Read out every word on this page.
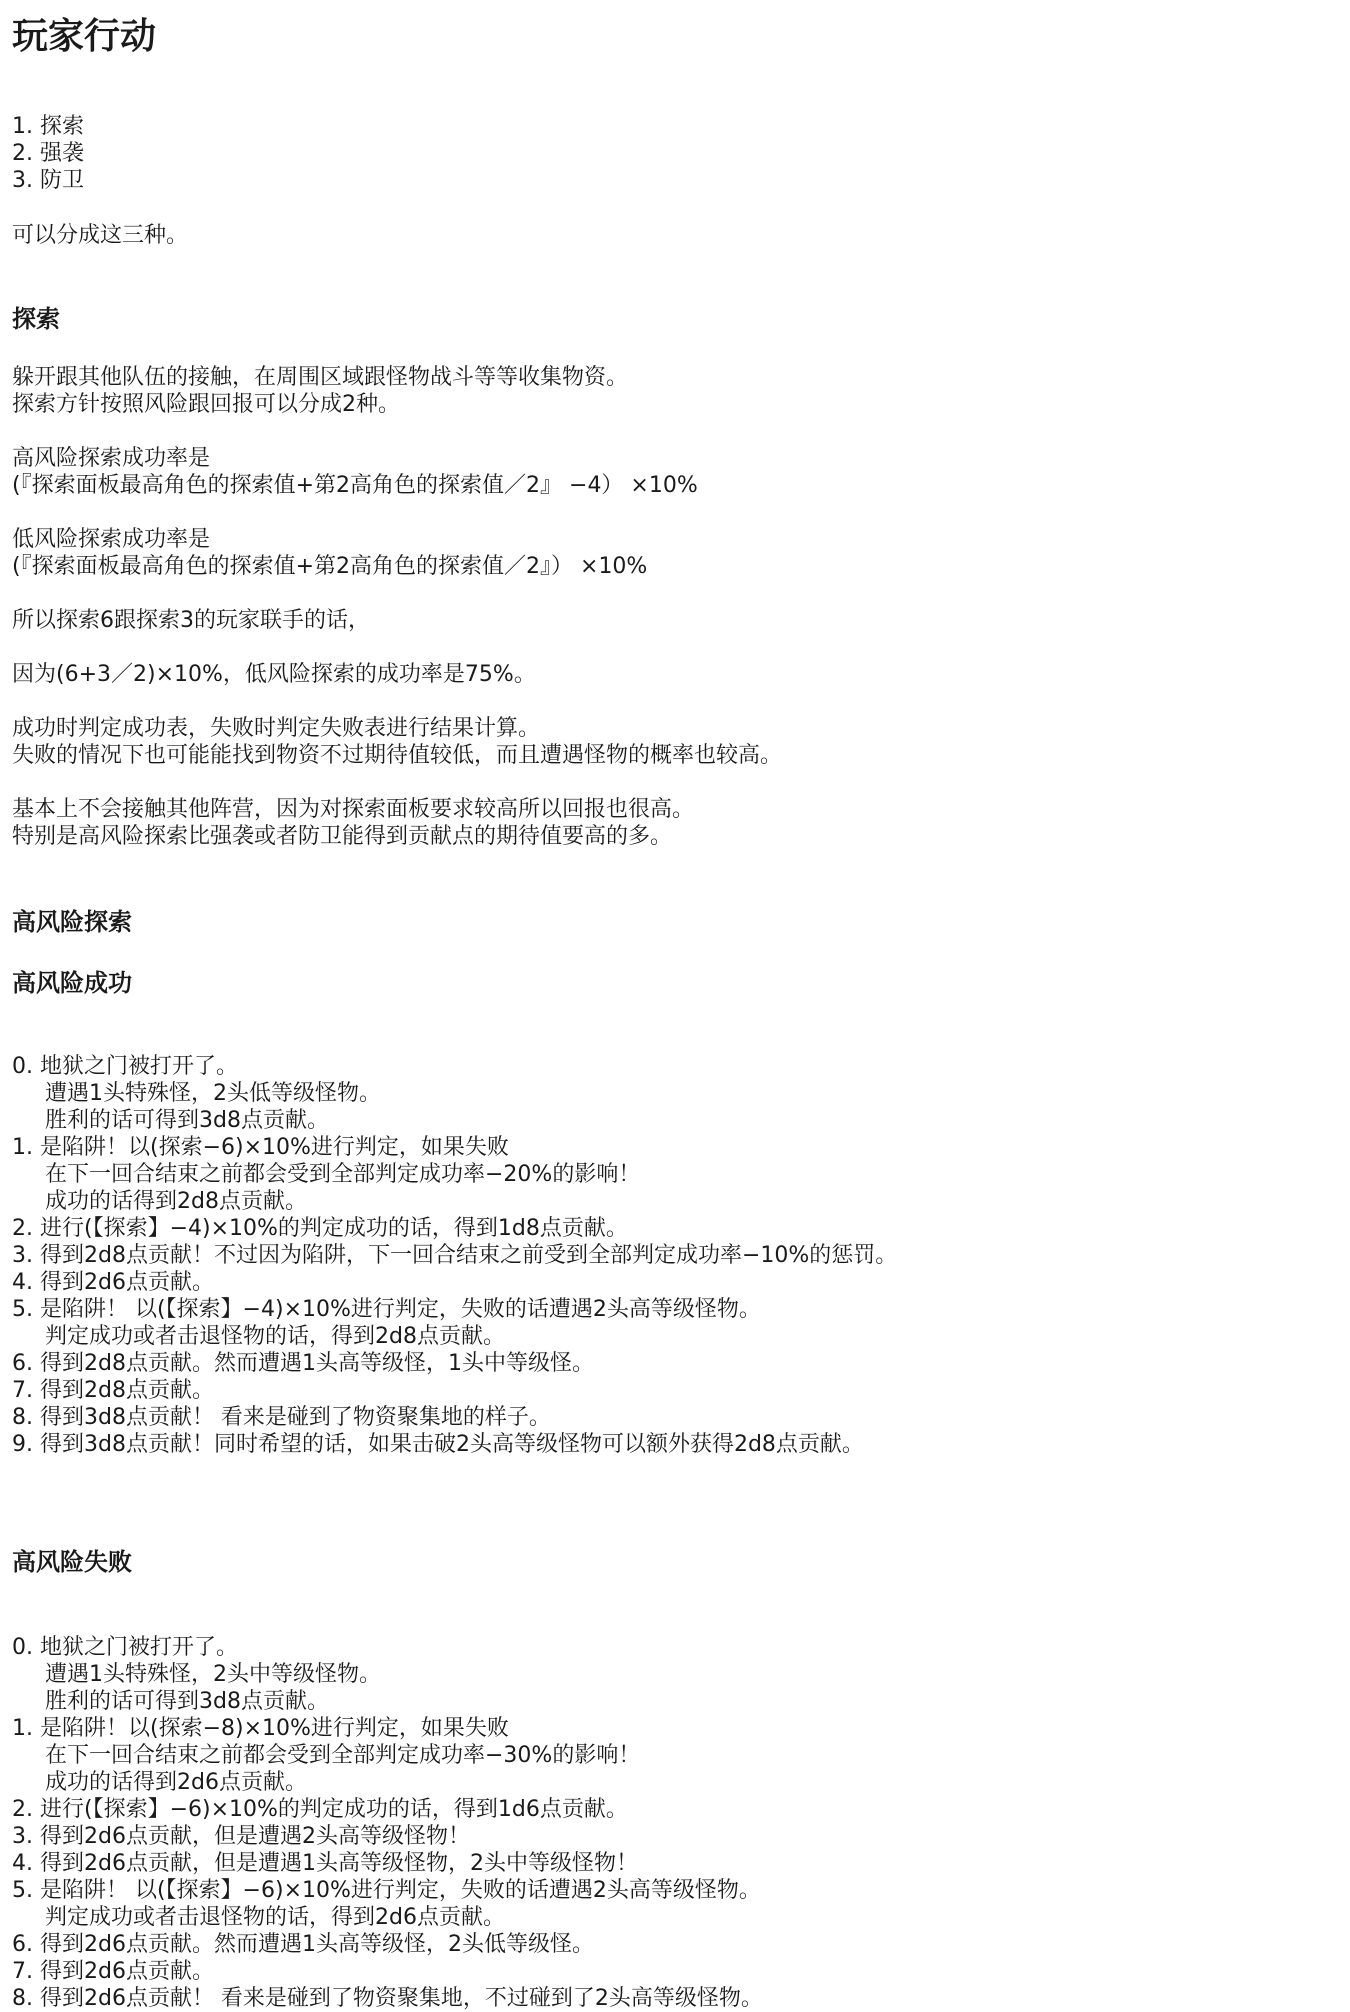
玩家行动
1. 探索
2. 强袭
3. 防卫
可以分成这三种。
探索
躲开跟其他队伍的接触，在周围区域跟怪物战斗等等收集物资。
探索方针按照风险跟回报可以分成2种。
高风险探索成功率是
(『探索面板最高角色的探索值+第2高角色的探索值／2』 −4） ×10%
低风险探索成功率是
(『探索面板最高角色的探索值+第2高角色的探索值／2』） ×10%
所以探索6跟探索3的玩家联手的话，
因为(6+3／2)×10%，低风险探索的成功率是75%。
成功时判定成功表，失败时判定失败表进行结果计算。
失败的情况下也可能能找到物资不过期待值较低，而且遭遇怪物的概率也较高。
基本上不会接触其他阵营，因为对探索面板要求较高所以回报也很高。
特别是高风险探索比强袭或者防卫能得到贡献点的期待值要高的多。
高风险探索
高风险成功
0. 地狱之门被打开了。
遭遇1头特殊怪，2头低等级怪物。
胜利的话可得到3d8点贡献。
1. 是陷阱！以(探索−6)×10%进行判定，如果失败
在下一回合结束之前都会受到全部判定成功率−20%的影响！
成功的话得到2d8点贡献。
2. 进行(【探索】−4)×10%的判定成功的话，得到1d8点贡献。
3. 得到2d8点贡献！不过因为陷阱，下一回合结束之前受到全部判定成功率−10%的惩罚。
4. 得到2d6点贡献。
5. 是陷阱！ 以(【探索】−4)×10%进行判定，失败的话遭遇2头高等级怪物。
判定成功或者击退怪物的话，得到2d8点贡献。
6. 得到2d8点贡献。然而遭遇1头高等级怪，1头中等级怪。
7. 得到2d8点贡献。
8. 得到3d8点贡献！ 看来是碰到了物资聚集地的样子。
9. 得到3d8点贡献！同时希望的话，如果击破2头高等级怪物可以额外获得2d8点贡献。
高风险失败
0. 地狱之门被打开了。
遭遇1头特殊怪，2头中等级怪物。
胜利的话可得到3d8点贡献。
1. 是陷阱！以(探索−8)×10%进行判定，如果失败
在下一回合结束之前都会受到全部判定成功率−30%的影响！
成功的话得到2d6点贡献。
2. 进行(【探索】−6)×10%的判定成功的话，得到1d6点贡献。
3. 得到2d6点贡献，但是遭遇2头高等级怪物！
4. 得到2d6点贡献，但是遭遇1头高等级怪物，2头中等级怪物！
5. 是陷阱！ 以(【探索】−6)×10%进行判定，失败的话遭遇2头高等级怪物。
判定成功或者击退怪物的话，得到2d6点贡献。
6. 得到2d6点贡献。然而遭遇1头高等级怪，2头低等级怪。
7. 得到2d6点贡献。
8. 得到2d6点贡献！ 看来是碰到了物资聚集地，不过碰到了2头高等级怪物。
